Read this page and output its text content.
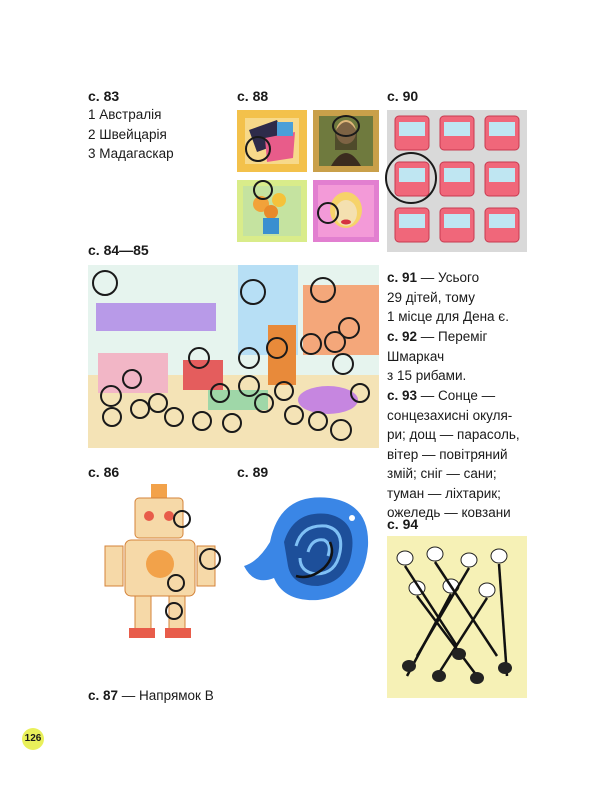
с. 83
1 Австралія
2 Швейцарія
3 Мадагаскар
с. 88	с. 90
с. 84—85
с. 91 — Усього
29 дітей, тому
1 місце для Дена є.
с. 92 — Переміг
Шмаркач
з 15 рибами.
с. 93 — Сонце —
сонцезахисні окуля-
ри; дощ — парасоль,
вітер — повітряний
змій; сніг — сани;
туман — ліхтарик;
ожеледь — ковзани
с. 86	с. 89
с. 94
с. 87 — Напрямок В
126
